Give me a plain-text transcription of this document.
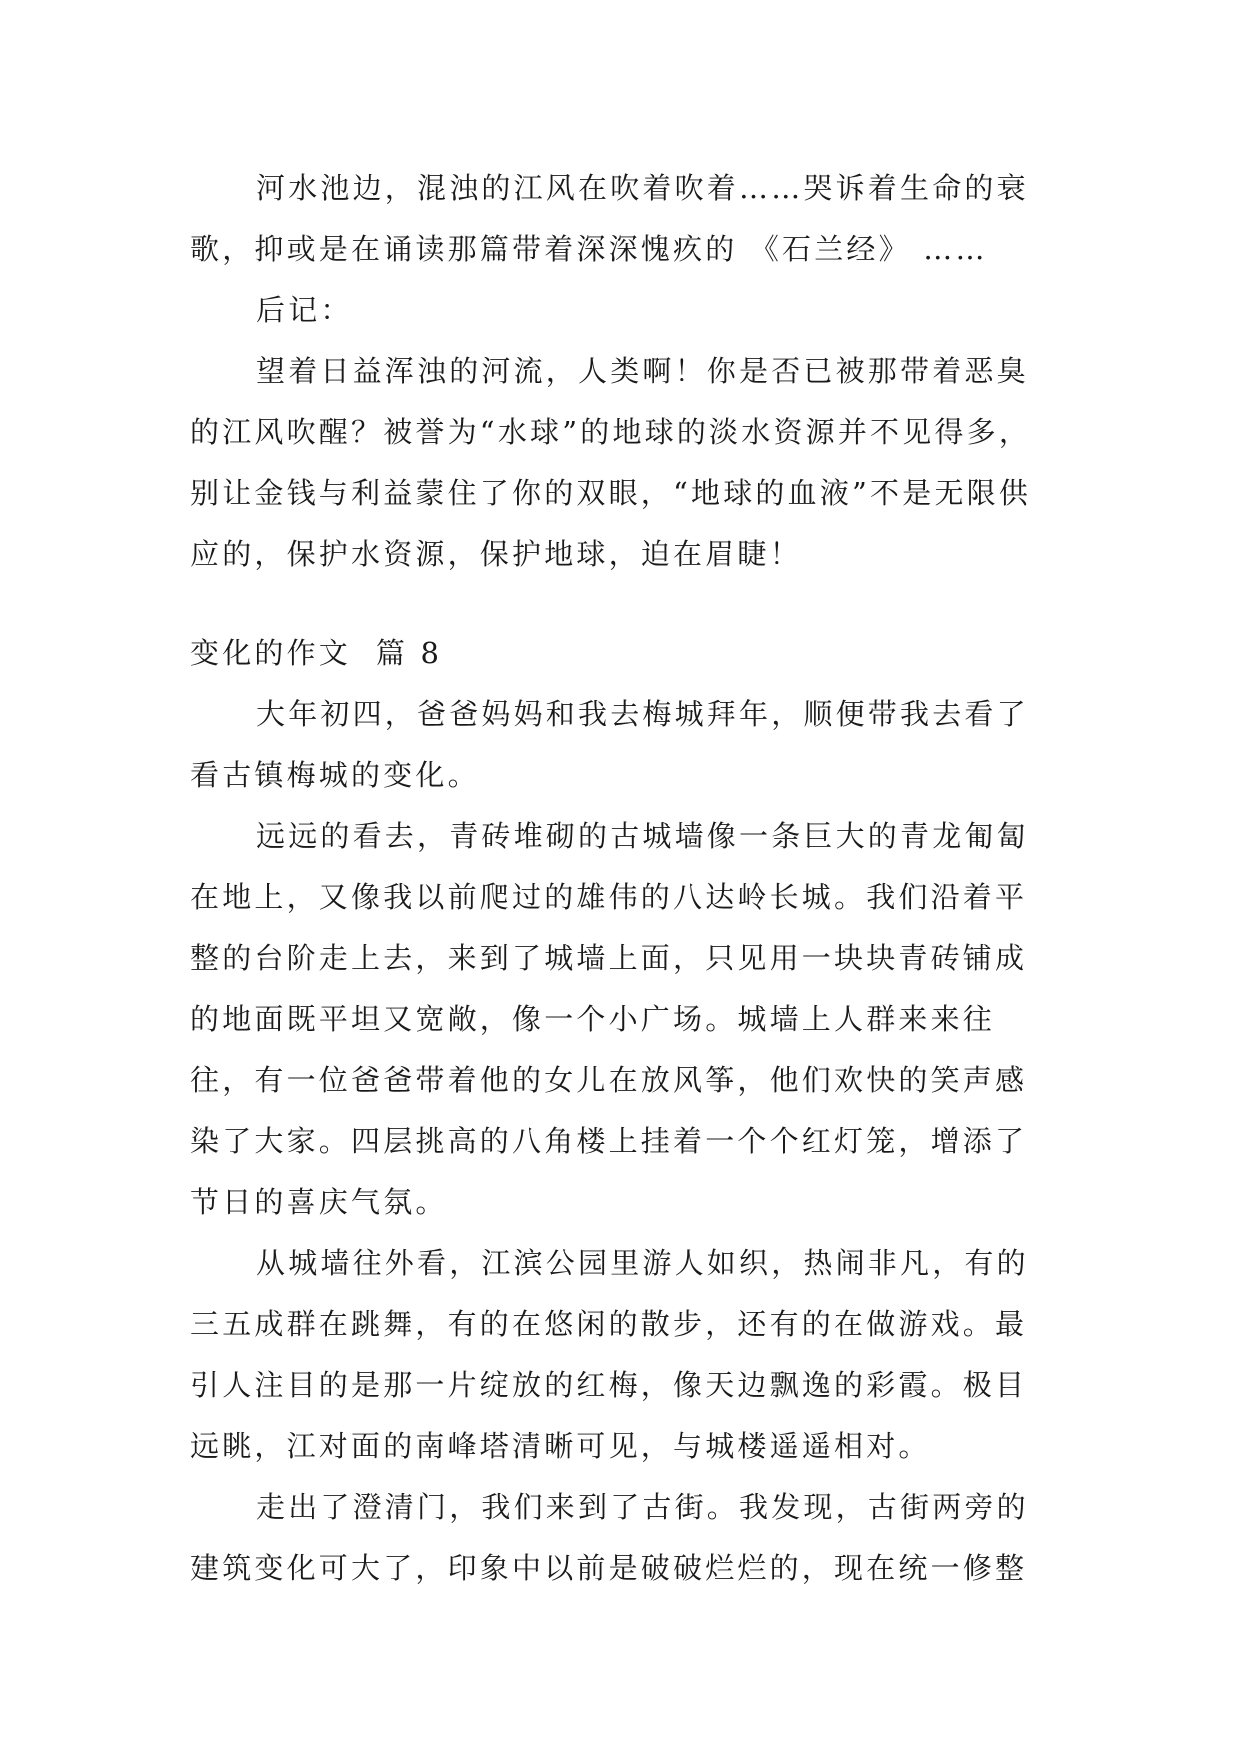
河水池边，混浊的江风在吹着吹着……哭诉着生命的衰歌，抑或是在诵读那篇带着深深愧疚的 《石兰经》 ……

后记：

望着日益浑浊的河流，人类啊！你是否已被那带着恶臭的江风吹醒？被誉为“水球”的地球的淡水资源并不见得多，别让金钱与利益蒙住了你的双眼，“地球的血液”不是无限供应的，保护水资源，保护地球，迫在眉睫！

变化的作文  篇 8

大年初四，爸爸妈妈和我去梅城拜年，顺便带我去看了看古镇梅城的变化。

远远的看去，青砖堆砌的古城墙像一条巨大的青龙匍匐在地上，又像我以前爬过的雄伟的八达岭长城。我们沿着平整的台阶走上去，来到了城墙上面，只见用一块块青砖铺成的地面既平坦又宽敞，像一个小广场。城墙上人群来来往往，有一位爸爸带着他的女儿在放风筝，他们欢快的笑声感染了大家。四层挑高的八角楼上挂着一个个红灯笼，增添了节日的喜庆气氛。

从城墙往外看，江滨公园里游人如织，热闹非凡，有的三五成群在跳舞，有的在悠闲的散步，还有的在做游戏。最引人注目的是那一片绽放的红梅，像天边飘逸的彩霞。极目远眺，江对面的南峰塔清晰可见，与城楼遥遥相对。

走出了澄清门，我们来到了古街。我发现，古街两旁的建筑变化可大了，印象中以前是破破烂烂的，现在统一修整
